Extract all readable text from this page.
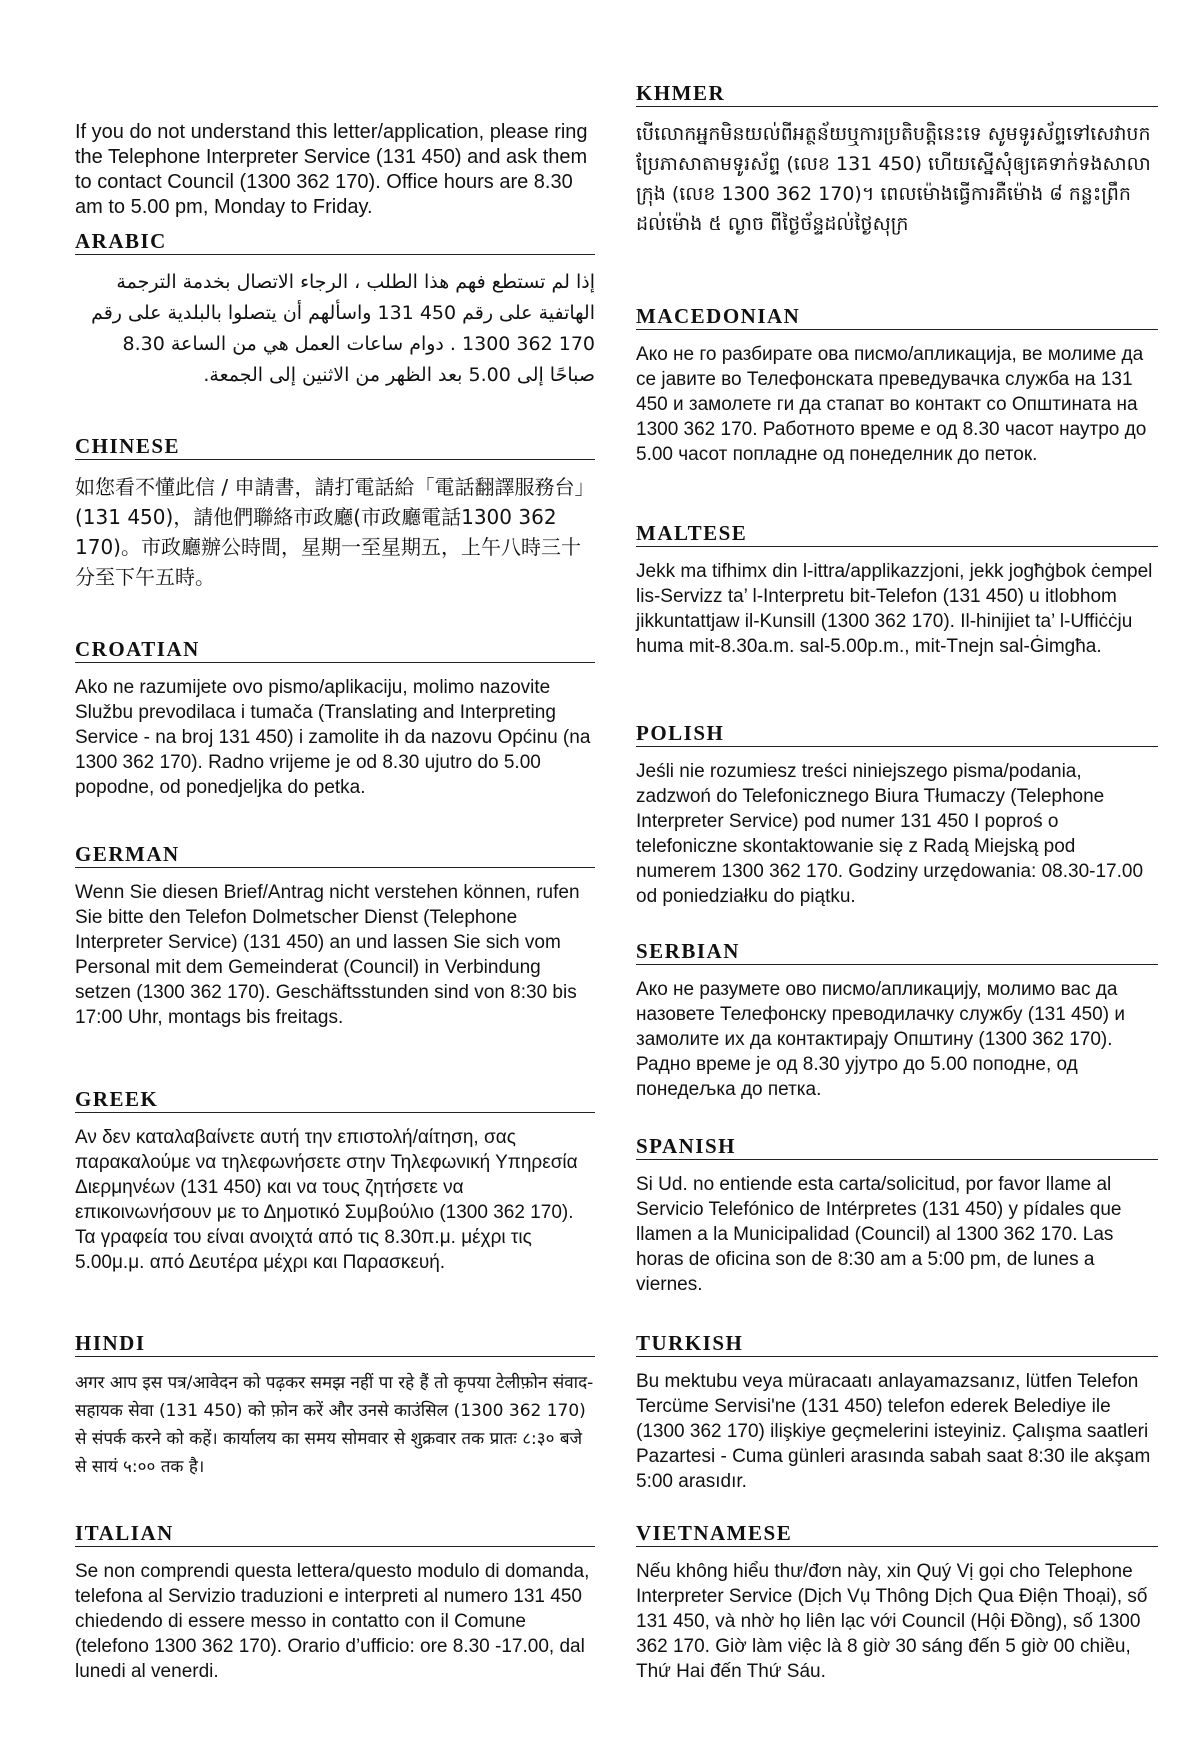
If you do not understand this letter/application, please ring the Telephone Interpreter Service (131 450) and ask them to contact Council (1300 362 170). Office hours are 8.30 am to 5.00 pm, Monday to Friday.

ARABIC

إذا لم تستطع فهم هذا الطلب ، الرجاء الاتصال بخدمة الترجمة الهاتفية على رقم 450 131 واسألهم أن يتصلوا بالبلدية على رقم 170 362 1300 . دوام ساعات العمل هي من الساعة 8.30 صباحًا إلى 5.00 بعد الظهر من الاثنين إلى الجمعة.

CHINESE

如您看不懂此信 / 申請書，請打電話給「電話翻譯服務台」(131 450)，請他們聯絡市政廳(市政廳電話1300 362 170)。市政廳辦公時間，星期一至星期五，上午八時三十分至下午五時。

CROATIAN

Ako ne razumijete ovo pismo/aplikaciju, molimo nazovite Službu prevodilaca i tumača (Translating and Interpreting Service - na broj 131 450) i zamolite ih da nazovu Općinu (na 1300 362 170). Radno vrijeme je od 8.30 ujutro do 5.00 popodne, od ponedjeljka do petka.

GERMAN

Wenn Sie diesen Brief/Antrag nicht verstehen können, rufen Sie bitte den Telefon Dolmetscher Dienst (Telephone Interpreter Service) (131 450) an und lassen Sie sich vom Personal mit dem Gemeinderat (Council) in Verbindung setzen (1300 362 170). Geschäftsstunden sind von 8:30 bis 17:00 Uhr, montags bis freitags.

GREEK

Αν δεν καταλαβαίνετε αυτή την επιστολή/αίτηση, σας παρακαλούμε να τηλεφωνήσετε στην Τηλεφωνική Υπηρεσία Διερμηνέων (131 450) και να τους ζητήσετε να επικοινωνήσουν με το Δημοτικό Συμβούλιο (1300 362 170). Τα γραφεία του είναι ανοιχτά από τις 8.30π.μ. μέχρι τις 5.00μ.μ. από Δευτέρα μέχρι και Παρασκευή.

HINDI

अगर आप इस पत्र/आवेदन को पढ़कर समझ नहीं पा रहे हैं तो कृपया टेलीफ़ोन संवाद-सहायक सेवा (131 450) को फ़ोन करें और उनसे काउंसिल (1300 362 170) से संपर्क करने को कहें। कार्यालय का समय सोमवार से शुक्रवार तक प्रातः ८:३० बजे से सायं ५:०० तक है।

ITALIAN

Se non comprendi questa lettera/questo modulo di domanda, telefona al Servizio traduzioni e interpreti al numero 131 450 chiedendo di essere messo in contatto con il Comune (telefono 1300 362 170). Orario d’ufficio: ore 8.30 -17.00, dal lunedi al venerdi.

KHMER

បើលោកអ្នកមិនយល់ពីអត្ថន័យឬការប្រតិបត្តិនេះទេ សូមទូរស័ព្ទទៅសេវាបកប្រែភាសាតាមទូរស័ព្ទ (លេខ 131 450) ហើយស្នើសុំឲ្យគេទាក់ទងសាលាក្រុង (លេខ 1300 362 170)។ ពេលម៉ោងធ្វើការគឺម៉ោង ៨ កន្លះព្រឹកដល់ម៉ោង ៥ ល្ងាច ពីថ្ងៃច័ន្ទដល់ថ្ងៃសុក្រ

MACEDONIAN

Ако не го разбирате ова писмо/апликација, ве молиме да се јавите во Телефонската преведувачка служба на 131 450 и замолете ги да стапат во контакт со Општината на 1300 362 170. Работното време е од 8.30 часот наутро до 5.00 часот попладне од понеделник до петок.

MALTESE

Jekk ma tifhimx din l-ittra/applikazzjoni, jekk jogħġbok ċempel lis-Servizz ta’ l-Interpretu bit-Telefon (131 450) u itlobhom jikkuntattjaw il-Kunsill (1300 362 170). Il-hinijiet ta’ l-Uffiċċju huma mit-8.30a.m. sal-5.00p.m., mit-Tnejn sal-Ġimgħa.

POLISH

Jeśli nie rozumiesz treści niniejszego pisma/podania, zadzwoń do Telefonicznego Biura Tłumaczy (Telephone Interpreter Service) pod numer 131 450 I poproś o telefoniczne skontaktowanie się z Radą Miejską pod numerem 1300 362 170. Godziny urzędowania: 08.30-17.00 od poniedziałku do piątku.

SERBIAN

Ако не разумете ово писмо/апликацију, молимо вас да назовете Телефонску преводилачку службу (131 450) и замолите их да контактирају Општину (1300 362 170). Радно време је од 8.30 ујутро до 5.00 поподне, од понедељка до петка.

SPANISH

Si Ud. no entiende esta carta/solicitud, por favor llame al Servicio Telefónico de Intérpretes (131 450) y pídales que llamen a la Municipalidad (Council) al 1300 362 170. Las horas de oficina son de 8:30 am a 5:00 pm, de lunes a viernes.

TURKISH

Bu mektubu veya müracaatı anlayamazsanız, lütfen Telefon Tercüme Servisi'ne (131 450) telefon ederek Belediye ile (1300 362 170) ilişkiye geçmelerini isteyiniz. Çalışma saatleri Pazartesi - Cuma günleri arasında sabah saat 8:30 ile akşam 5:00 arasıdır.

VIETNAMESE

Nếu không hiểu thư/đơn này, xin Quý Vị gọi cho Telephone Interpreter Service (Dịch Vụ Thông Dịch Qua Điện Thoại), số 131 450, và nhờ họ liên lạc với Council (Hội Đồng), số 1300 362 170. Giờ làm việc là 8 giờ 30 sáng đến 5 giờ 00 chiều, Thứ Hai đến Thứ Sáu.
